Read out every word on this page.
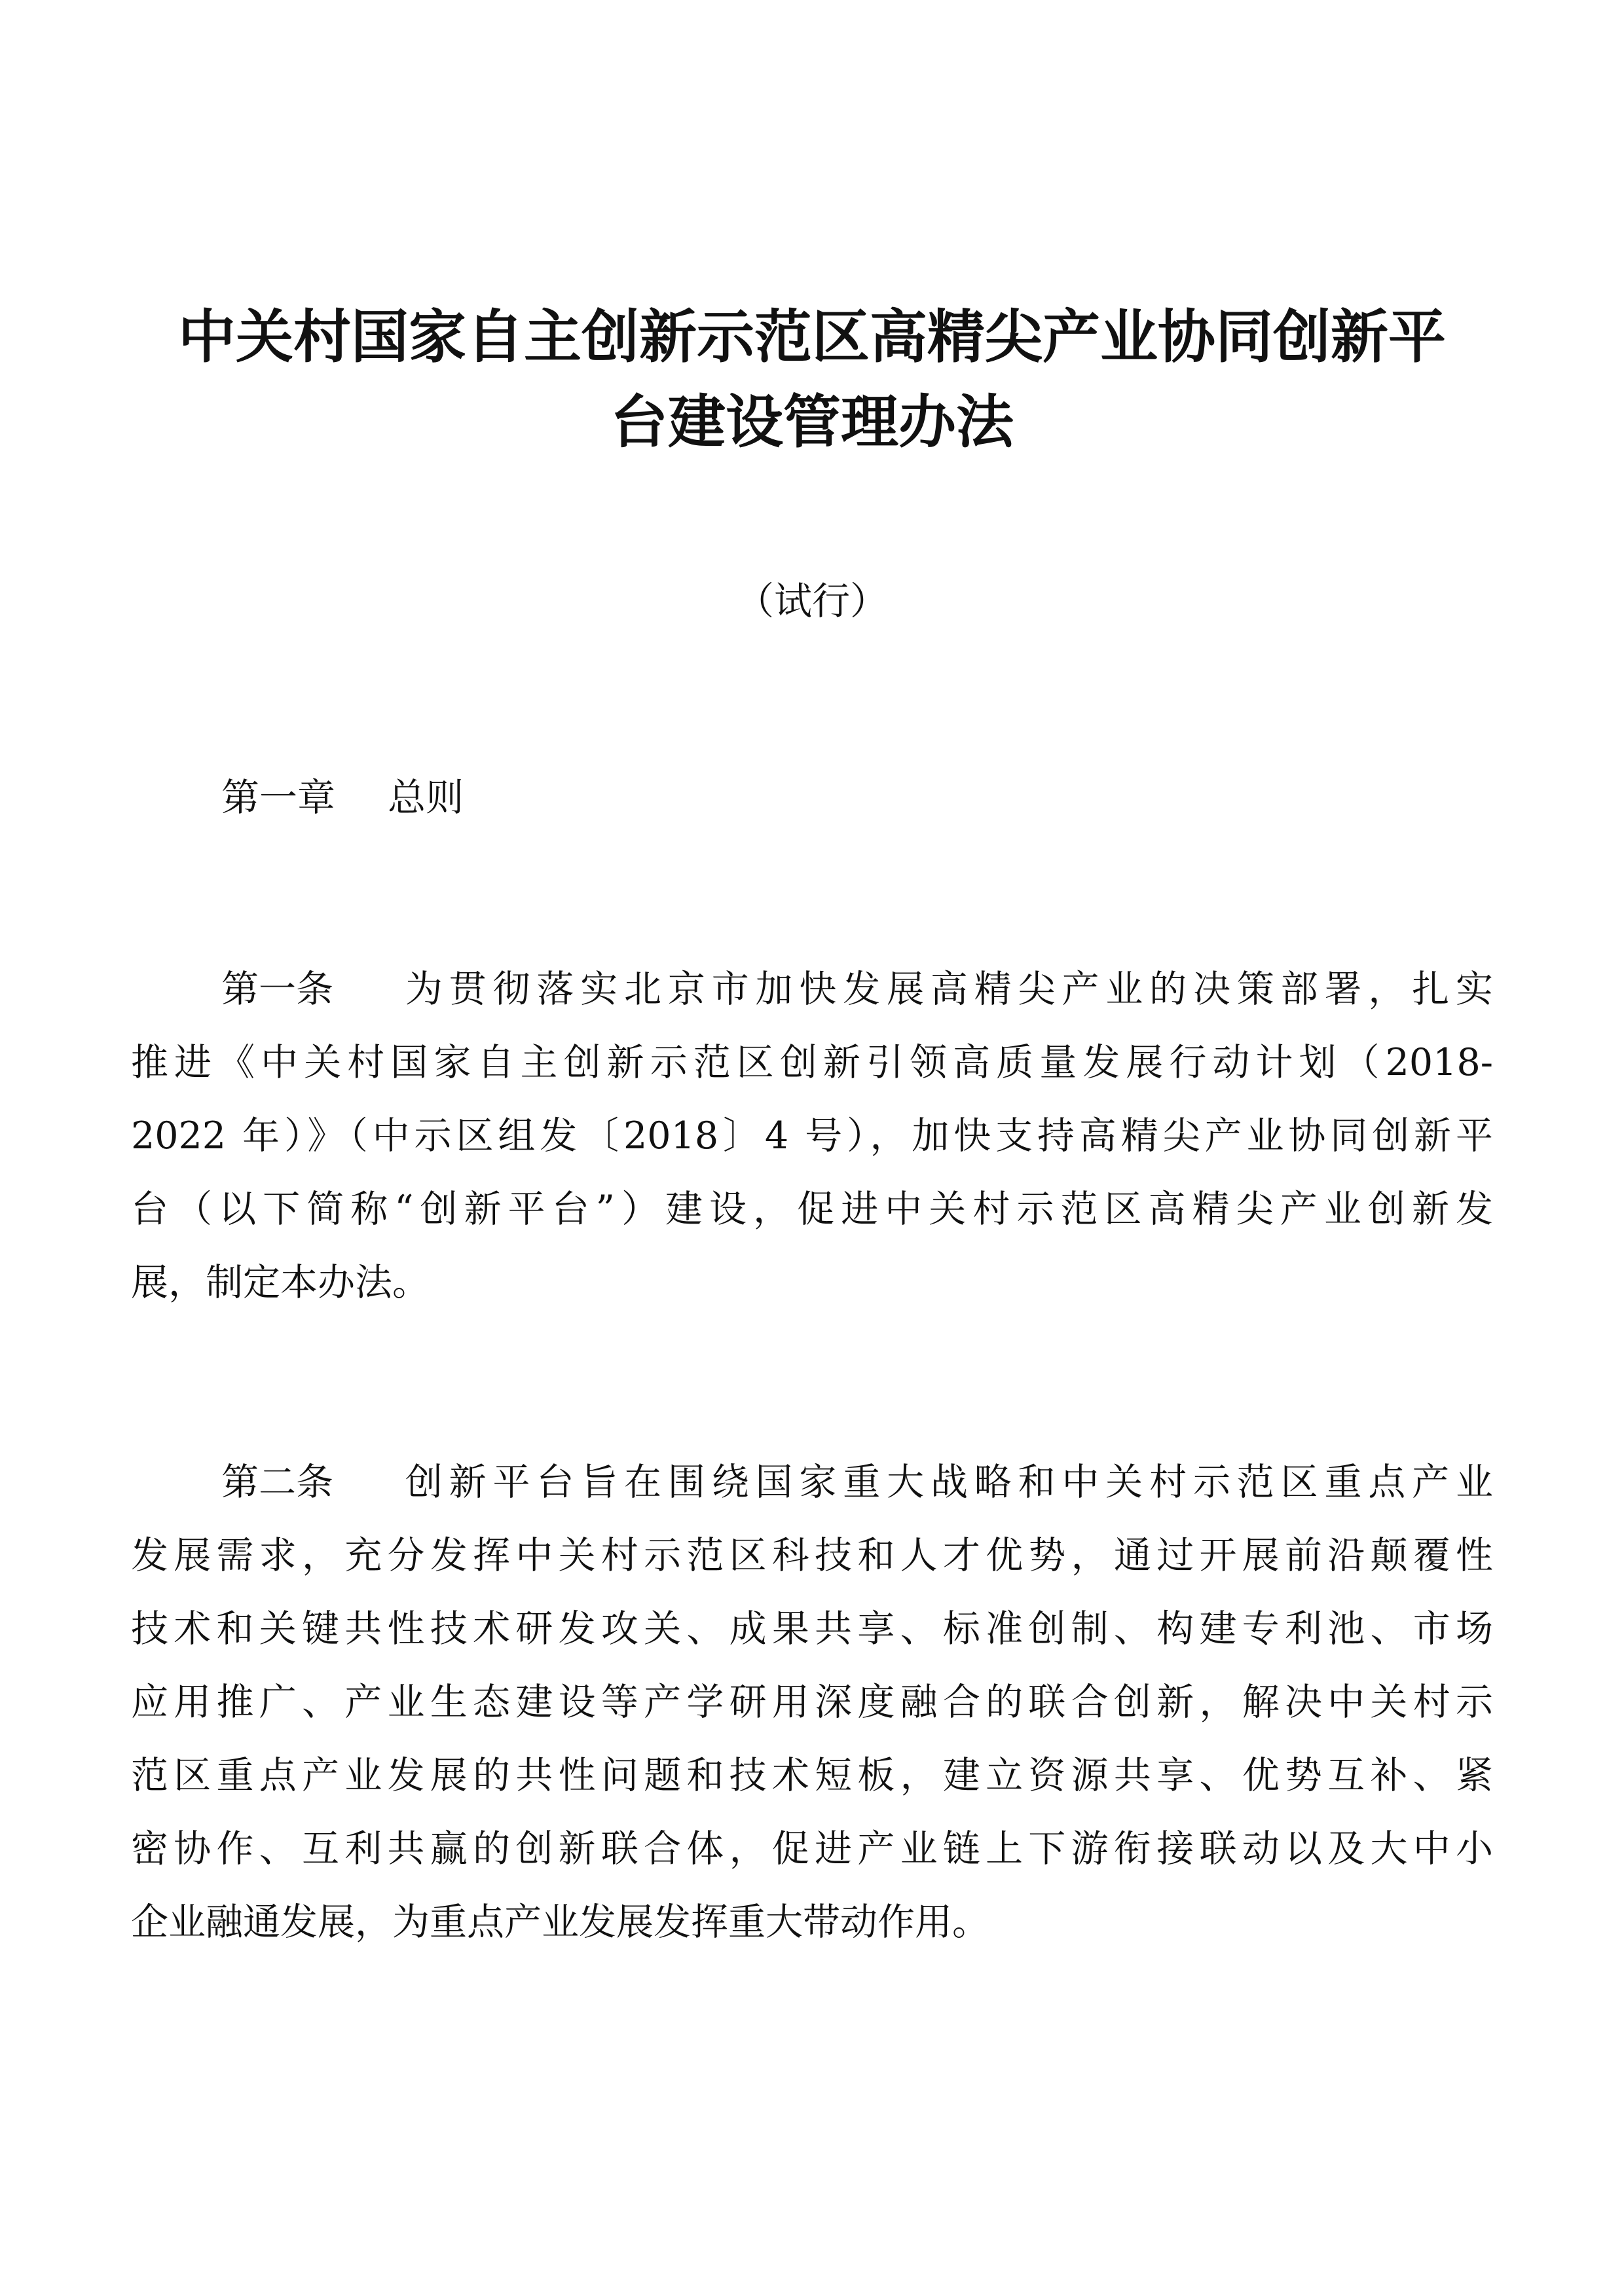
中关村国家自主创新示范区高精尖产业协同创新平
台建设管理办法

（试行）

第一章 总则

第一条 为贯彻落实北京市加快发展高精尖产业的决策部署，扎实
推进《中关村国家自主创新示范区创新引领高质量发展行动计划（2018-
2022 年）》（中示区组发〔2018〕4 号），加快支持高精尖产业协同创新平
台（以下简称“创新平台”）建设，促进中关村示范区高精尖产业创新发
展，制定本办法。
第二条 创新平台旨在围绕国家重大战略和中关村示范区重点产业
发展需求，充分发挥中关村示范区科技和人才优势，通过开展前沿颠覆性
技术和关键共性技术研发攻关、成果共享、标准创制、构建专利池、市场
应用推广、产业生态建设等产学研用深度融合的联合创新，解决中关村示
范区重点产业发展的共性问题和技术短板，建立资源共享、优势互补、紧
密协作、互利共赢的创新联合体，促进产业链上下游衔接联动以及大中小
企业融通发展，为重点产业发展发挥重大带动作用。
